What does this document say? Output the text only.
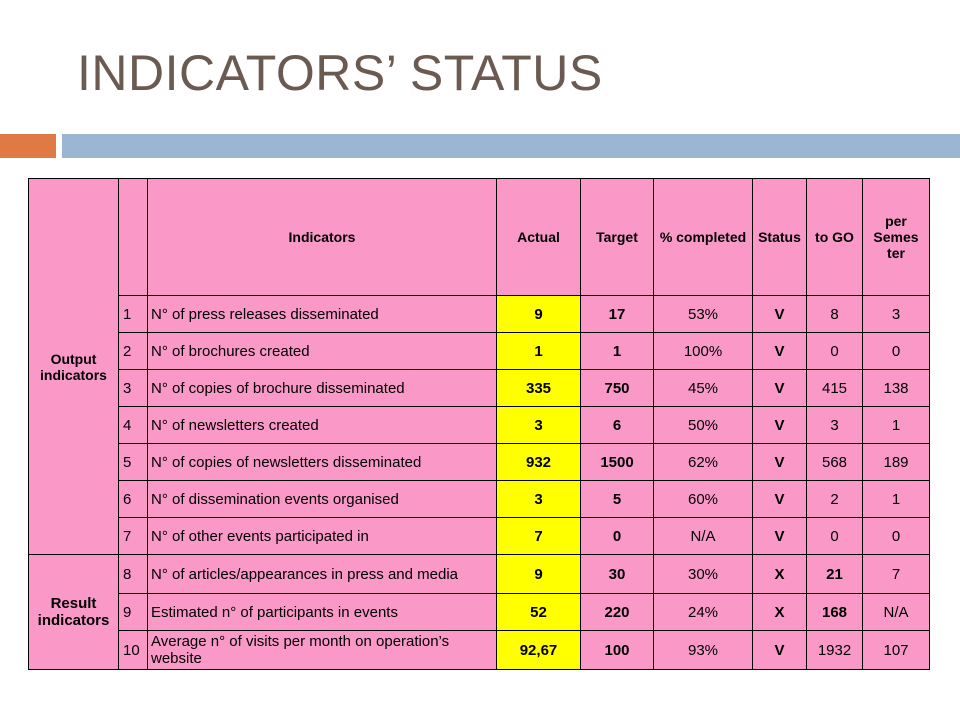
INDICATORS’ STATUS
Output indicators		Indicators	Actual	Target	% completed	Status	to GO	per Semes ter
	1	N° of press releases disseminated	9	17	53%	V	8	3
	2	N° of brochures created	1	1	100%	V	0	0
	3	N° of copies of brochure disseminated	335	750	45%	V	415	138
	4	N° of newsletters created	3	6	50%	V	3	1
	5	N° of copies of newsletters disseminated	932	1500	62%	V	568	189
	6	N° of dissemination events organised	3	5	60%	V	2	1
	7	N° of other events participated in	7	0	N/A	V	0	0
Result indicators	8	N° of articles/appearances in press and media	9	30	30%	X	21	7
	9	Estimated n° of participants in events	52	220	24%	X	168	N/A
	10	Average n° of visits per month on operation’s website	92,67	100	93%	V	1932	107
